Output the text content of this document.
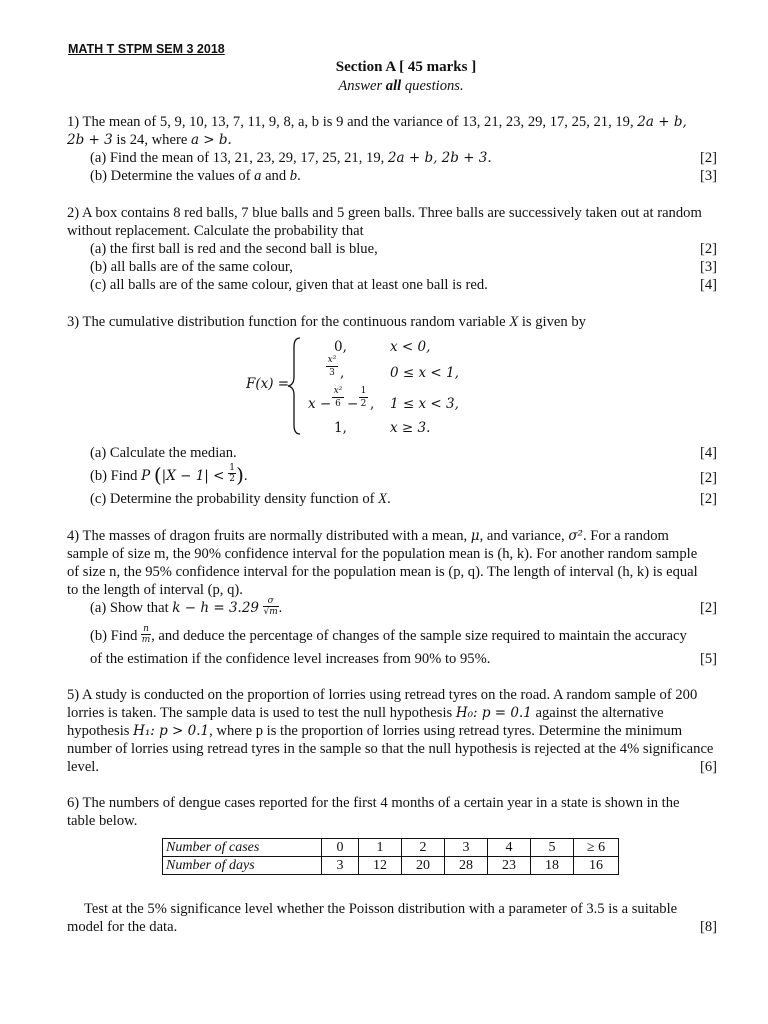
MATH T STPM SEM 3 2018
Section A [ 45 marks ]
Answer all questions.
1) The mean of 5, 9, 10, 13, 7, 11, 9, 8, a, b is 9 and the variance of 13, 21, 23, 29, 17, 25, 21, 19, 2a + b,
2b + 3 is 24, where a > b.
(a) Find the mean of 13, 21, 23, 29, 17, 25, 21, 19, 2a + b, 2b + 3.	[2]
(b) Determine the values of a and b.	[3]
2) A box contains 8 red balls, 7 blue balls and 5 green balls. Three balls are successively taken out at random
without replacement. Calculate the probability that
(a) the first ball is red and the second ball is blue,	[2]
(b) all balls are of the same colour,	[3]
(c) all balls are of the same colour, given that at least one ball is red.	[4]
3) The cumulative distribution function for the continuous random variable X is given by
F(x) =
0,	x < 0,
x²
3 ,	0 ≤ x < 1,
x −
x²
6 −
1
2 , 1 ≤ x < 3,
1,	x ≥ 3.
(a) Calculate the median.	[4]
(b) Find P ($|X - 1| < \frac{1}{2}$ ).	[2]
(c) Determine the probability density function of X.	[2]
4) The masses of dragon fruits are normally distributed with a mean, μ, and variance, σ². For a random
sample of size m, the 90% confidence interval for the population mean is (h, k). For another random sample
of size n, the 95% confidence interval for the population mean is (p, q). The length of interval (h, k) is equal
to the length of interval (p, q).
(a) Show that $k - h = 3.29 \frac{\sigma}{√m}$ .	[2]
(b) Find $\frac{n}{m}$ , and deduce the percentage of changes of the sample size required to maintain the accuracy
of the estimation if the confidence level increases from 90% to 95%.	[5]
5) A study is conducted on the proportion of lorries using retread tyres on the road. A random sample of 200
lorries is taken. The sample data is used to test the null hypothesis H₀: p = 0.1 against the alternative
hypothesis H₁: p > 0.1, where p is the proportion of lorries using retread tyres. Determine the minimum
number of lorries using retread tyres in the sample so that the null hypothesis is rejected at the 4% significance
level.	[6]
6) The numbers of dengue cases reported for the first 4 months of a certain year in a state is shown in the
table below.
Number of cases	0	1	2	3	4	5	≥ 6
Number of days	3	12	20	28	23	18	16
Test at the 5% significance level whether the Poisson distribution with a parameter of 3.5 is a suitable
model for the data.	[8]
